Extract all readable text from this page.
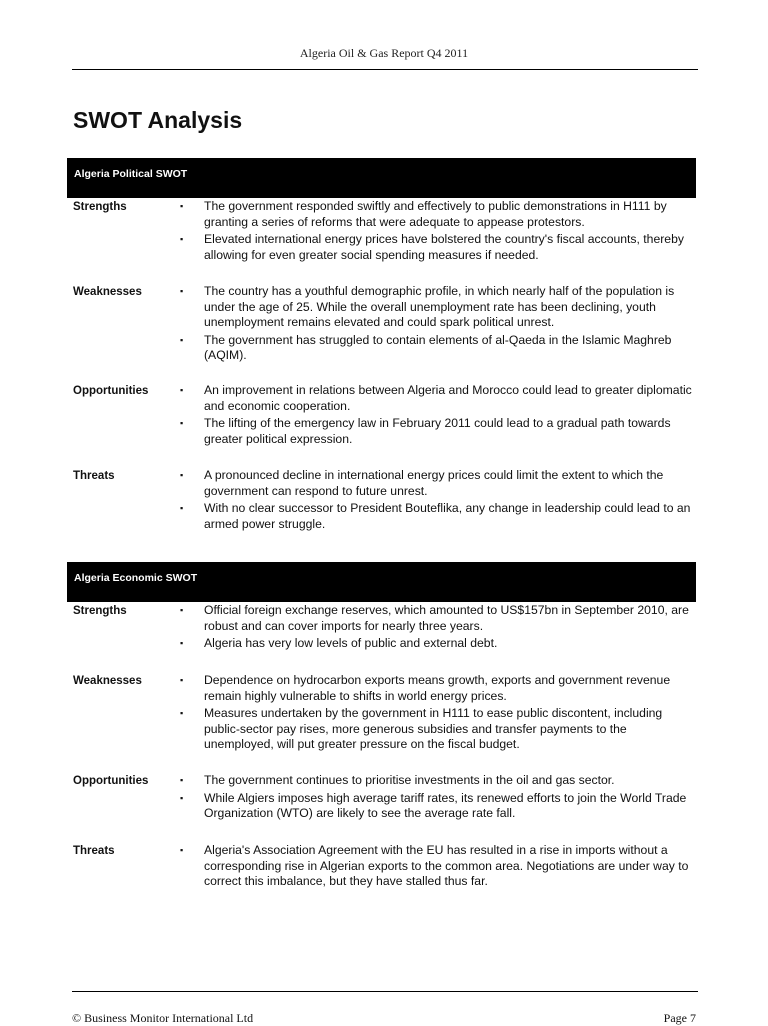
Algeria Oil & Gas Report Q4 2011
SWOT Analysis
Algeria Political SWOT
Strengths	▪ The government responded swiftly and effectively to public demonstrations in H111 by granting a series of reforms that were adequate to appease protestors.
▪ Elevated international energy prices have bolstered the country's fiscal accounts, thereby allowing for even greater social spending measures if needed.
Weaknesses	▪ The country has a youthful demographic profile, in which nearly half of the population is under the age of 25. While the overall unemployment rate has been declining, youth unemployment remains elevated and could spark political unrest.
▪ The government has struggled to contain elements of al-Qaeda in the Islamic Maghreb (AQIM).
Opportunities	▪ An improvement in relations between Algeria and Morocco could lead to greater diplomatic and economic cooperation.
▪ The lifting of the emergency law in February 2011 could lead to a gradual path towards greater political expression.
Threats	▪ A pronounced decline in international energy prices could limit the extent to which the government can respond to future unrest.
▪ With no clear successor to President Bouteflika, any change in leadership could lead to an armed power struggle.
Algeria Economic SWOT
Strengths	▪ Official foreign exchange reserves, which amounted to US$157bn in September 2010, are robust and can cover imports for nearly three years.
▪ Algeria has very low levels of public and external debt.
Weaknesses	▪ Dependence on hydrocarbon exports means growth, exports and government revenue remain highly vulnerable to shifts in world energy prices.
▪ Measures undertaken by the government in H111 to ease public discontent, including public-sector pay rises, more generous subsidies and transfer payments to the unemployed, will put greater pressure on the fiscal budget.
Opportunities	▪ The government continues to prioritise investments in the oil and gas sector.
▪ While Algiers imposes high average tariff rates, its renewed efforts to join the World Trade Organization (WTO) are likely to see the average rate fall.
Threats	▪ Algeria's Association Agreement with the EU has resulted in a rise in imports without a corresponding rise in Algerian exports to the common area. Negotiations are under way to correct this imbalance, but they have stalled thus far.
© Business Monitor International Ltd	Page 7
